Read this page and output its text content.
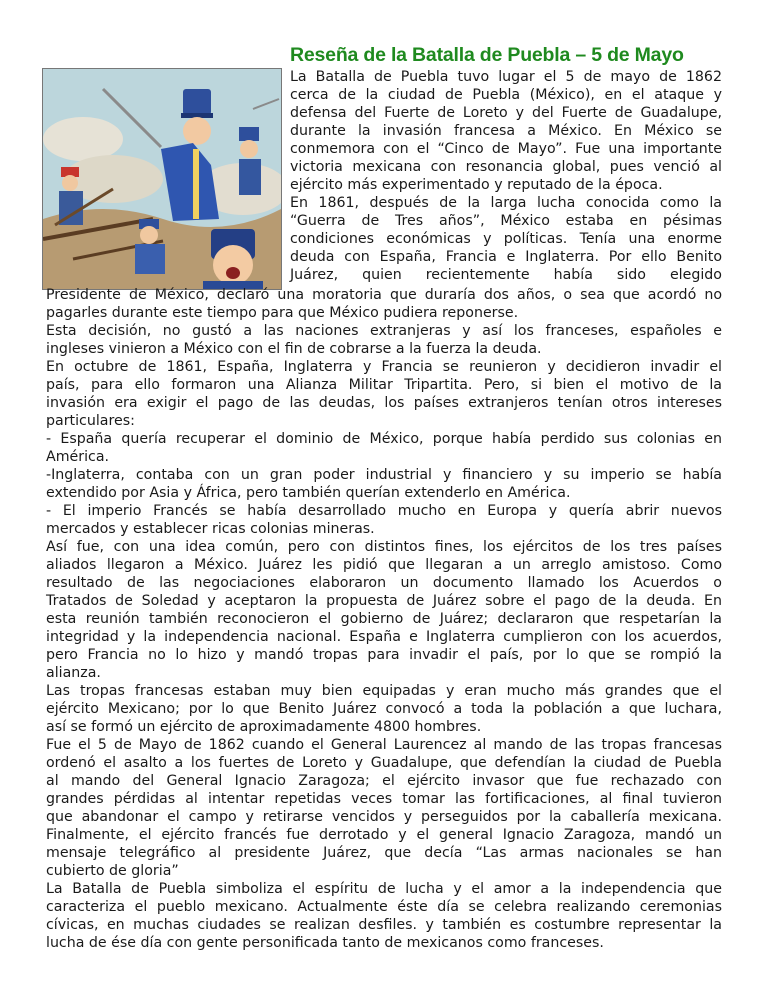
Reseña de la Batalla de Puebla – 5 de Mayo
La Batalla de Puebla tuvo lugar el 5 de mayo de 1862
cerca de la ciudad de Puebla (México), en el ataque y
defensa del Fuerte de Loreto y del Fuerte de Guadalupe,
durante la invasión francesa a México. En México se
conmemora con el “Cinco de Mayo”. Fue una importante
victoria mexicana con resonancia global, pues venció al
ejército más experimentado y reputado de la época.
En 1861, después de la larga lucha conocida como la
“Guerra de Tres años”, México estaba en pésimas
condiciones económicas y políticas. Tenía una enorme
deuda con España, Francia e Inglaterra. Por ello Benito
Juárez, quien recientemente había sido elegido
Presidente de México, declaró una moratoria que duraría dos años, o sea que acordó no
pagarles durante este tiempo para que México pudiera reponerse.
Esta decisión, no gustó a las naciones extranjeras y así los franceses, españoles e
ingleses vinieron a México con el fin de cobrarse a la fuerza la deuda.
En octubre de 1861, España, Inglaterra y Francia se reunieron y decidieron invadir el
país, para ello formaron una Alianza Militar Tripartita. Pero, si bien el motivo de la
invasión era exigir el pago de las deudas, los países extranjeros tenían otros intereses
particulares:
- España quería recuperar el dominio de México, porque había perdido sus colonias en
América.
-Inglaterra, contaba con un gran poder industrial y financiero y su imperio se había
extendido por Asia y África, pero también querían extenderlo en América.
- El imperio Francés se había desarrollado mucho en Europa y quería abrir nuevos
mercados y establecer ricas colonias mineras.
Así fue, con una idea común, pero con distintos fines, los ejércitos de los tres países
aliados llegaron a México. Juárez les pidió que llegaran a un arreglo amistoso. Como
resultado de las negociaciones elaboraron un documento llamado los Acuerdos o
Tratados de Soledad y aceptaron la propuesta de Juárez sobre el pago de la deuda. En
esta reunión también reconocieron el gobierno de Juárez; declararon que respetarían la
integridad y la independencia nacional. España e Inglaterra cumplieron con los acuerdos,
pero Francia no lo hizo y mandó tropas para invadir el país, por lo que se rompió la
alianza.
Las tropas francesas estaban muy bien equipadas y eran mucho más grandes que el
ejército Mexicano; por lo que Benito Juárez convocó a toda la población a que luchara,
así se formó un ejército de aproximadamente 4800 hombres.
Fue el 5 de Mayo de 1862 cuando el General Laurencez al mando de las tropas francesas
ordenó el asalto a los fuertes de Loreto y Guadalupe, que defendían la ciudad de Puebla
al mando del General Ignacio Zaragoza; el ejército invasor que fue rechazado con
grandes pérdidas al intentar repetidas veces tomar las fortificaciones, al final tuvieron
que abandonar el campo y retirarse vencidos y perseguidos por la caballería mexicana.
Finalmente, el ejército francés fue derrotado y el general Ignacio Zaragoza, mandó un
mensaje telegráfico al presidente Juárez, que decía “Las armas nacionales se han
cubierto de gloria”
La Batalla de Puebla simboliza el espíritu de lucha y el amor a la independencia que
caracteriza el pueblo mexicano. Actualmente éste día se celebra realizando ceremonias
cívicas, en muchas ciudades se realizan desfiles. y también es costumbre representar la
lucha de ése día con gente personificada tanto de mexicanos como franceses.
